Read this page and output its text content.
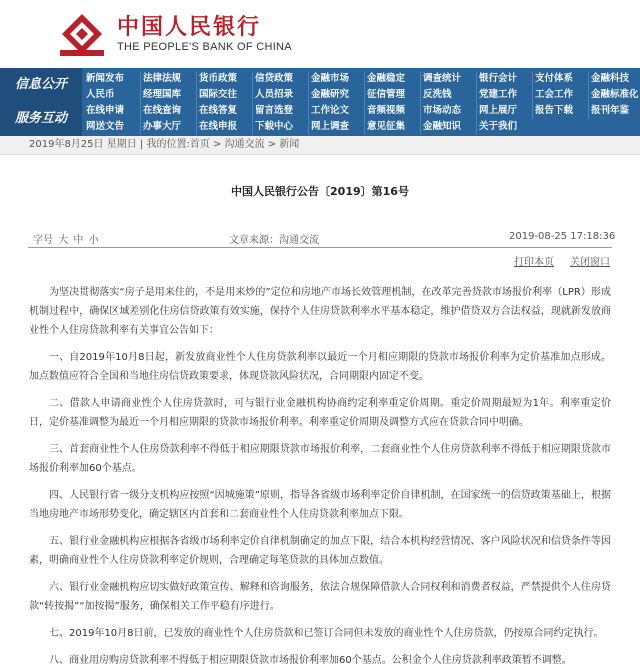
中国人民银行
THE PEOPLE'S BANK OF CHINA
信息公开
服务互动
新闻发布	法律法规	货币政策	信贷政策	金融市场	金融稳定	调查统计	银行会计	支付体系	金融科技
人民币	经理国库	国际交往	人员招录	金融研究	征信管理	反洗钱	党建工作	工会工作	金融标准化
在线申请	在线查询	在线答复	留言选登	工作论文	音频视频	市场动态	网上展厅	报告下载	报刊年鉴
网送文告	办事大厅	在线申报	下载中心	网上调查	意见征集	金融知识	关于我们
2019年8月25日 星期日 | 我的位置:首页 > 沟通交流 > 新闻
中国人民银行公告〔2019〕第16号
字号 大 中 小	文章来源：沟通交流	2019-08-25 17:18:36
打印本页 关闭窗口

为坚决贯彻落实“房子是用来住的，不是用来炒的”定位和房地产市场长效管理机制，在改革完善贷款市场报价利率（LPR）形成机制过程中，确保区域差别化住房信贷政策有效实施，保持个人住房贷款利率水平基本稳定，维护借贷双方合法权益，现就新发放商业性个人住房贷款利率有关事宜公告如下：

一、自2019年10月8日起，新发放商业性个人住房贷款利率以最近一个月相应期限的贷款市场报价利率为定价基准加点形成。加点数值应符合全国和当地住房信贷政策要求，体现贷款风险状况，合同期限内固定不变。

二、借款人申请商业性个人住房贷款时，可与银行业金融机构协商约定利率重定价周期。重定价周期最短为1年。利率重定价日，定价基准调整为最近一个月相应期限的贷款市场报价利率。利率重定价周期及调整方式应在贷款合同中明确。

三、首套商业性个人住房贷款利率不得低于相应期限贷款市场报价利率，二套商业性个人住房贷款利率不得低于相应期限贷款市场报价利率加60个基点。

四、人民银行省一级分支机构应按照“因城施策”原则，指导各省级市场利率定价自律机制，在国家统一的信贷政策基础上，根据当地房地产市场形势变化，确定辖区内首套和二套商业性个人住房贷款利率加点下限。

五、银行业金融机构应根据各省级市场利率定价自律机制确定的加点下限，结合本机构经营情况、客户风险状况和信贷条件等因素，明确商业性个人住房贷款利率定价规则，合理确定每笔贷款的具体加点数值。

六、银行业金融机构应切实做好政策宣传、解释和咨询服务，依法合规保障借款人合同权利和消费者权益，严禁提供个人住房贷款“转按揭”“加按揭”服务，确保相关工作平稳有序进行。

七、2019年10月8日前，已发放的商业性个人住房贷款和已签订合同但未发放的商业性个人住房贷款，仍按原合同约定执行。

八、商业用房购房贷款利率不得低于相应期限贷款市场报价利率加60个基点。公积金个人住房贷款利率政策暂不调整。
